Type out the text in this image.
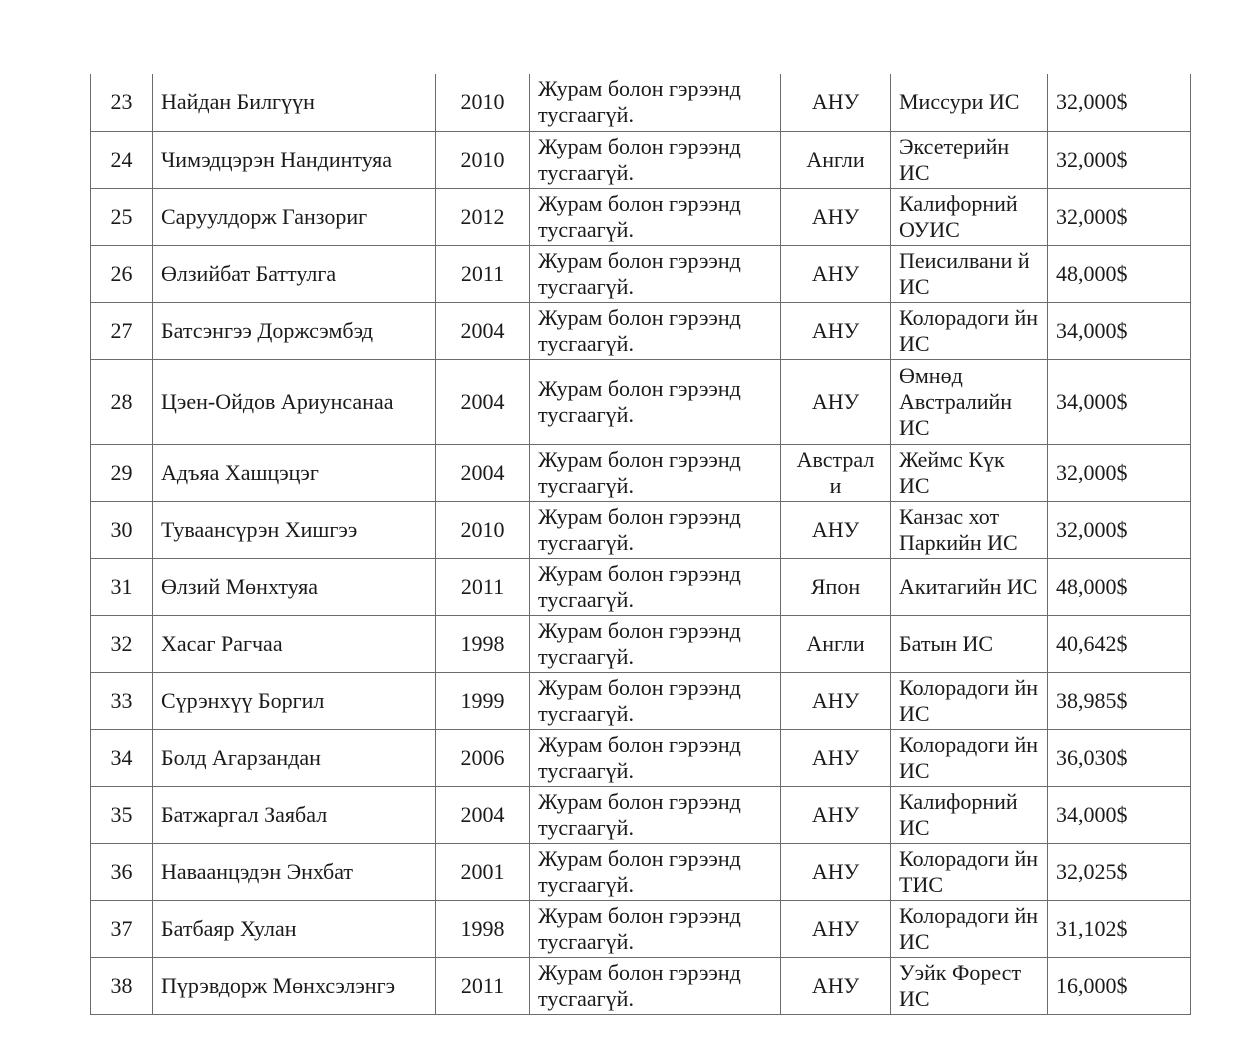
23	Найдан Билгүүн	2010	Журам болон гэрээнд тусгаагүй.	АНУ	Миссури ИС	32,000$
24	Чимэдцэрэн Нандинтуяа	2010	Журам болон гэрээнд тусгаагүй.	Англи	Эксетерийн ИС	32,000$
25	Саруулдорж Ганзориг	2012	Журам болон гэрээнд тусгаагүй.	АНУ	Калифорний ОУИС	32,000$
26	Өлзийбат Баттулга	2011	Журам болон гэрээнд тусгаагүй.	АНУ	Пеисилвани й ИС	48,000$
27	Батсэнгээ Доржсэмбэд	2004	Журам болон гэрээнд тусгаагүй.	АНУ	Колорадоги йн ИС	34,000$
28	Цэен-Ойдов Ариунсанаа	2004	Журам болон гэрээнд тусгаагүй.	АНУ	Өмнөд Австралийн ИС	34,000$
29	Адъяа Хашцэцэг	2004	Журам болон гэрээнд тусгаагүй.	Австрал и	Жеймс Күк ИС	32,000$
30	Туваансүрэн Хишгээ	2010	Журам болон гэрээнд тусгаагүй.	АНУ	Канзас хот Паркийн ИС	32,000$
31	Өлзий Мөнхтуяа	2011	Журам болон гэрээнд тусгаагүй.	Япон	Акитагийн ИС	48,000$
32	Хасаг Рагчаа	1998	Журам болон гэрээнд тусгаагүй.	Англи	Батын ИС	40,642$
33	Сүрэнхүү Боргил	1999	Журам болон гэрээнд тусгаагүй.	АНУ	Колорадоги йн ИС	38,985$
34	Болд Агарзандан	2006	Журам болон гэрээнд тусгаагүй.	АНУ	Колорадоги йн ИС	36,030$
35	Батжаргал Заябал	2004	Журам болон гэрээнд тусгаагүй.	АНУ	Калифорний ИС	34,000$
36	Наваанцэдэн Энхбат	2001	Журам болон гэрээнд тусгаагүй.	АНУ	Колорадоги йн ТИС	32,025$
37	Батбаяр Хулан	1998	Журам болон гэрээнд тусгаагүй.	АНУ	Колорадоги йн ИС	31,102$
38	Пүрэвдорж Мөнхсэлэнгэ	2011	Журам болон гэрээнд тусгаагүй.	АНУ	Уэйк Форест ИС	16,000$
